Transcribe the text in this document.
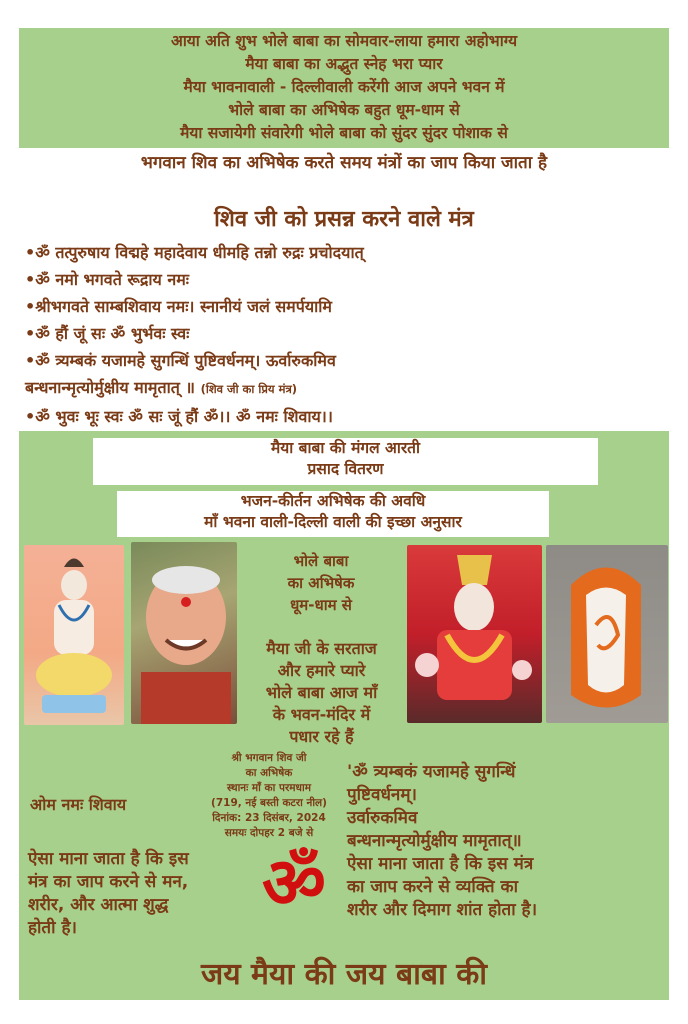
आया अति शुभ भोले बाबा का सोमवार-लाया हमारा अहोभाग्य
मैया बाबा का अद्भुत स्नेह भरा प्यार
मैया भावनावाली - दिल्लीवाली करेंगी आज अपने भवन में
भोले बाबा का अभिषेक बहुत धूम-धाम से
मैया सजायेगी संवारेगी भोले बाबा को सुंदर सुंदर पोशाक से
भगवान शिव का अभिषेक करते समय मंत्रों का जाप किया जाता है
शिव जी को प्रसन्न करने वाले मंत्र
•ॐ तत्पुरुषाय विद्महे महादेवाय धीमहि तन्नो रुद्रः प्रचोदयात्
•ॐ नमो भगवते रूद्राय नमः
•श्रीभगवते साम्बशिवाय नमः। स्नानीयं जलं समर्पयामि
•ॐ हौं जूं सः ॐ भुर्भवः स्वः
•ॐ त्र्यम्बकं यजामहे सुगन्धिं पुष्टिवर्धनम्। ऊर्वारुकमिव
बन्धनान्मृत्योर्मुक्षीय मामृतात् ॥ (शिव जी का प्रिय मंत्र)
•ॐ भुवः भूः स्वः ॐ सः जूं हौं ॐ।। ॐ नमः शिवाय।।
मैया बाबा की मंगल आरती
प्रसाद वितरण
भजन-कीर्तन अभिषेक की अवधि
माँ भवना वाली-दिल्ली वाली की इच्छा अनुसार
भोले बाबा
का अभिषेक
धूम-धाम से
मैया जी के सरताज
और हमारे प्यारे
भोले बाबा आज माँ
के भवन-मंदिर में
पधार रहे हैं
श्री भगवान शिव जी
का अभिषेक
स्थानः माँ का परमधाम
(719, नई बस्ती कटरा नील)
दिनांक: 23 दिसंबर, 2024
समयः दोपहर 2 बजे से
ओम नमः शिवाय
ऐसा माना जाता है कि इस
मंत्र का जाप करने से मन,
शरीर, और आत्मा शुद्ध
होती है।
ॐ
'ॐ त्र्यम्बकं यजामहे सुगन्धिं
पुष्टिवर्धनम्।
उर्वारुकमिव
बन्धनान्मृत्योर्मुक्षीय मामृतात्॥
ऐसा माना जाता है कि इस मंत्र
का जाप करने से व्यक्ति का
शरीर और दिमाग शांत होता है।
जय मैया की जय बाबा की
